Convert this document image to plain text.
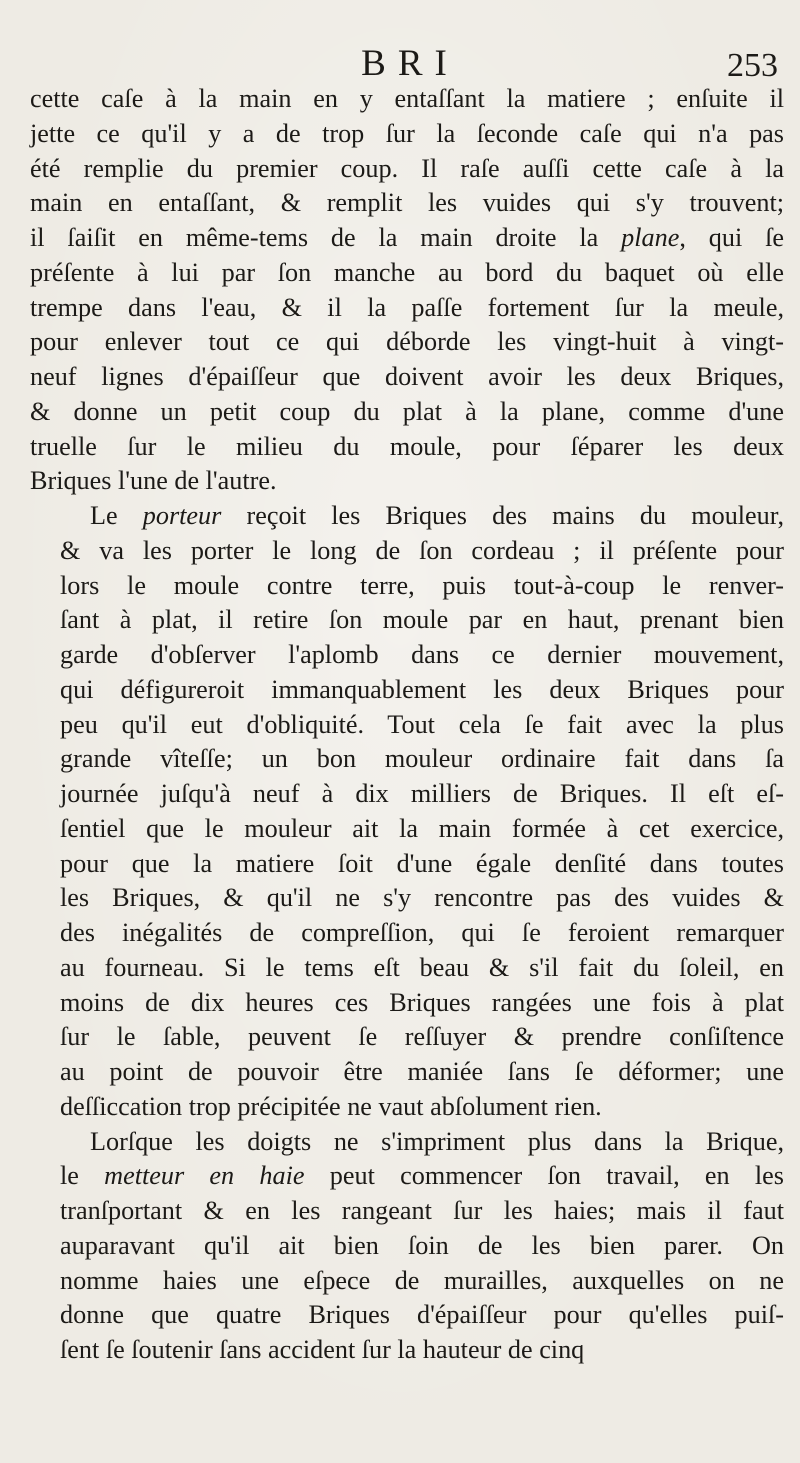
BRI	253
cette caſe à la main en y entaſſant la matiere ; enſuite il
jette ce qu'il y a de trop ſur la ſeconde caſe qui n'a pas
été remplie du premier coup. Il raſe auſſi cette caſe à la
main en entaſſant, & remplit les vuides qui s'y trouvent;
il ſaiſit en même-tems de la main droite la plane, qui ſe
préſente à lui par ſon manche au bord du baquet où elle
trempe dans l'eau, & il la paſſe fortement ſur la meule,
pour enlever tout ce qui déborde les vingt-huit à vingt-
neuf lignes d'épaiſſeur que doivent avoir les deux Briques,
& donne un petit coup du plat à la plane, comme d'une
truelle ſur le milieu du moule, pour ſéparer les deux
Briques l'une de l'autre.
Le porteur reçoit les Briques des mains du mouleur,
& va les porter le long de ſon cordeau ; il préſente pour
lors le moule contre terre, puis tout-à-coup le renver-
ſant à plat, il retire ſon moule par en haut, prenant bien
garde d'obſerver l'aplomb dans ce dernier mouvement,
qui défigureroit immanquablement les deux Briques pour
peu qu'il eut d'obliquité. Tout cela ſe fait avec la plus
grande vîteſſe; un bon mouleur ordinaire fait dans ſa
journée juſqu'à neuf à dix milliers de Briques. Il eſt eſ-
ſentiel que le mouleur ait la main formée à cet exercice,
pour que la matiere ſoit d'une égale denſité dans toutes
les Briques, & qu'il ne s'y rencontre pas des vuides &
des inégalités de compreſſion, qui ſe feroient remarquer
au fourneau. Si le tems eſt beau & s'il fait du ſoleil, en
moins de dix heures ces Briques rangées une fois à plat
ſur le ſable, peuvent ſe reſſuyer & prendre conſiſtence
au point de pouvoir être maniée ſans ſe déformer; une
deſſiccation trop précipitée ne vaut abſolument rien.
Lorſque les doigts ne s'impriment plus dans la Brique,
le metteur en haie peut commencer ſon travail, en les
tranſportant & en les rangeant ſur les haies; mais il faut
auparavant qu'il ait bien ſoin de les bien parer. On
nomme haies une eſpece de murailles, auxquelles on ne
donne que quatre Briques d'épaiſſeur pour qu'elles puiſ-
ſent ſe ſoutenir ſans accident ſur la hauteur de cinq
